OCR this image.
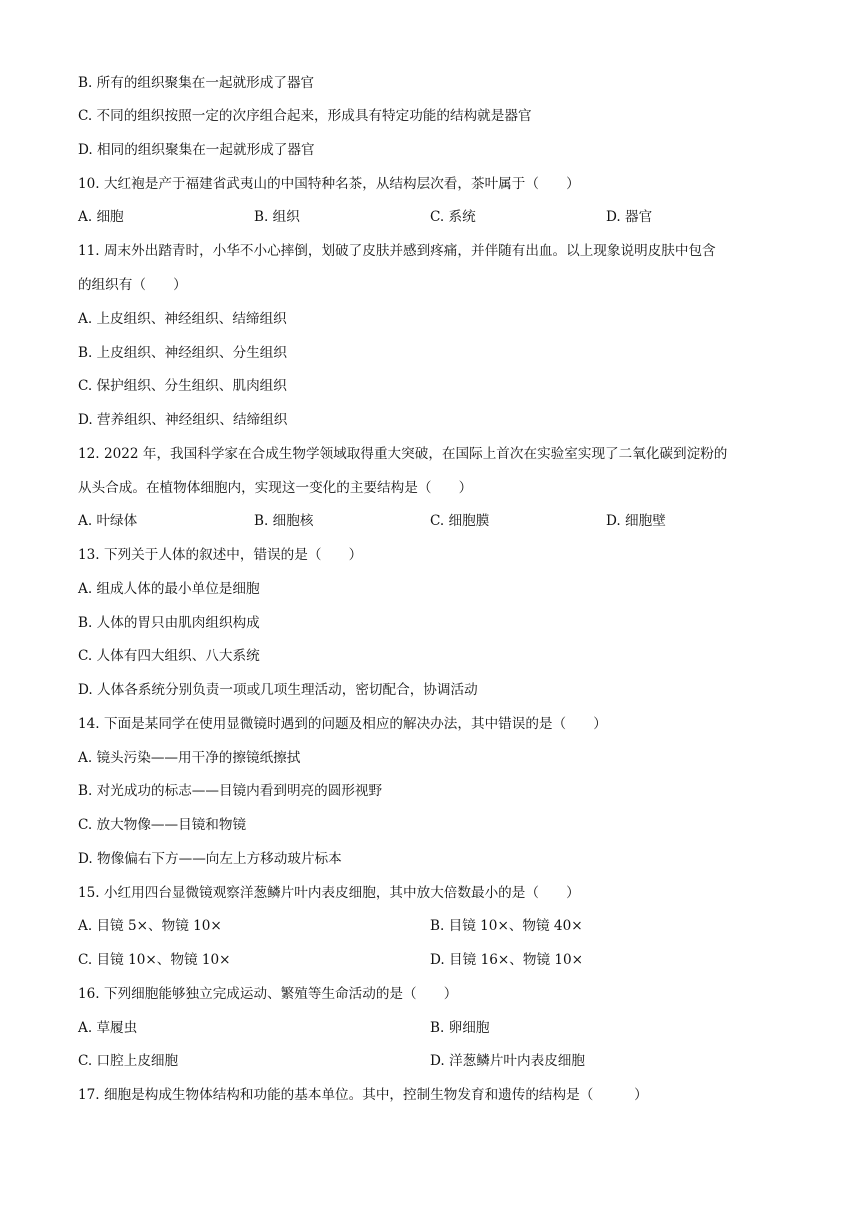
B. 所有的组织聚集在一起就形成了器官
C. 不同的组织按照一定的次序组合起来，形成具有特定功能的结构就是器官
D. 相同的组织聚集在一起就形成了器官
10. 大红袍是产于福建省武夷山的中国特种名茶，从结构层次看，茶叶属于（　　）
A. 细胞	B. 组织	C. 系统	D. 器官
11. 周末外出踏青时，小华不小心摔倒，划破了皮肤并感到疼痛，并伴随有出血。以上现象说明皮肤中包含
的组织有（　　）
A. 上皮组织、神经组织、结缔组织
B. 上皮组织、神经组织、分生组织
C. 保护组织、分生组织、肌肉组织
D. 营养组织、神经组织、结缔组织
12. 2022 年，我国科学家在合成生物学领域取得重大突破，在国际上首次在实验室实现了二氧化碳到淀粉的
从头合成。在植物体细胞内，实现这一变化的主要结构是（　　）
A. 叶绿体	B. 细胞核	C. 细胞膜	D. 细胞壁
13. 下列关于人体的叙述中，错误的是（　　）
A. 组成人体的最小单位是细胞
B. 人体的胃只由肌肉组织构成
C. 人体有四大组织、八大系统
D. 人体各系统分别负责一项或几项生理活动，密切配合，协调活动
14. 下面是某同学在使用显微镜时遇到的问题及相应的解决办法，其中错误的是（　　）
A. 镜头污染——用干净的擦镜纸擦拭
B. 对光成功的标志——目镜内看到明亮的圆形视野
C. 放大物像——目镜和物镜
D. 物像偏右下方——向左上方移动玻片标本
15. 小红用四台显微镜观察洋葱鳞片叶内表皮细胞，其中放大倍数最小的是（　　）
A. 目镜 5×、物镜 10×	B. 目镜 10×、物镜 40×
C. 目镜 10×、物镜 10×	D. 目镜 16×、物镜 10×
16. 下列细胞能够独立完成运动、繁殖等生命活动的是（　　）
A. 草履虫	B. 卵细胞
C. 口腔上皮细胞	D. 洋葱鳞片叶内表皮细胞
17. 细胞是构成生物体结构和功能的基本单位。其中，控制生物发育和遗传的结构是（　　　）
